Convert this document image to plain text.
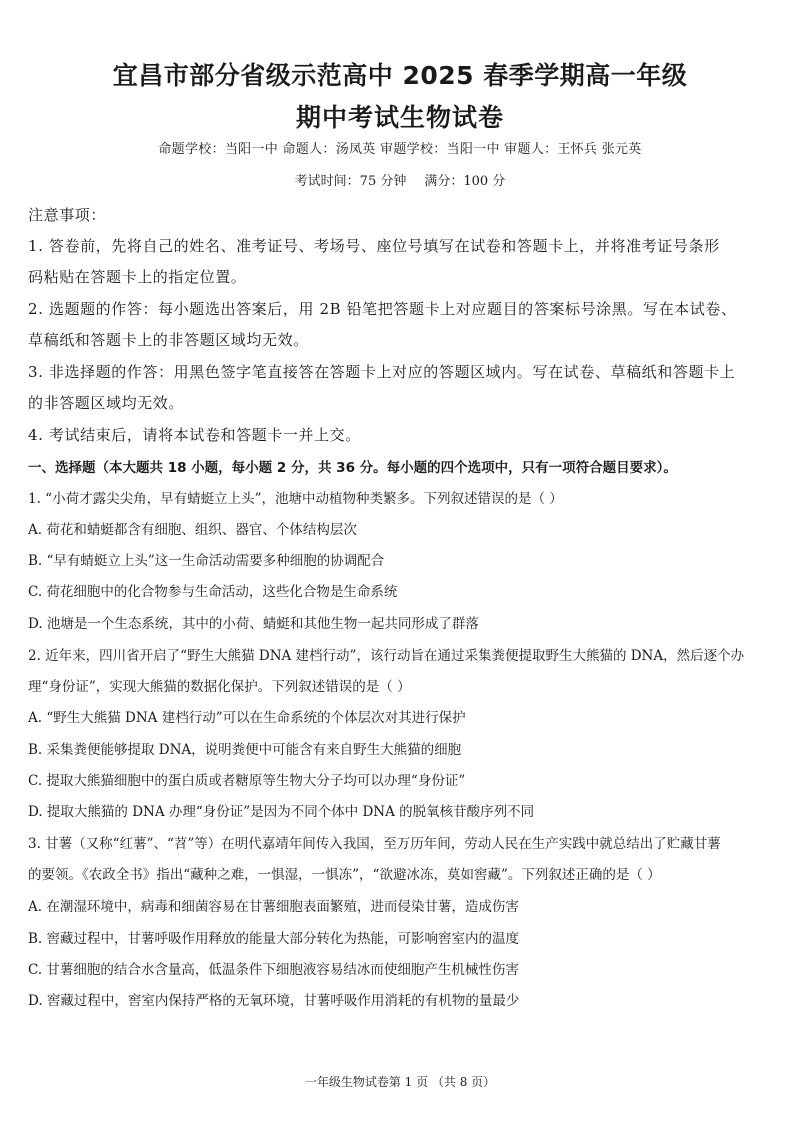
宜昌市部分省级示范高中 2025 春季学期高一年级
期中考试生物试卷
命题学校：当阳一中 命题人：汤凤英 审题学校：当阳一中 审题人：王怀兵 张元英
考试时间：75 分钟 满分：100 分
注意事项：
1. 答卷前，先将自己的姓名、准考证号、考场号、座位号填写在试卷和答题卡上，并将准考证号条形
码粘贴在答题卡上的指定位置。
2. 选题题的作答：每小题选出答案后，用 2B 铅笔把答题卡上对应题目的答案标号涂黑。写在本试卷、
草稿纸和答题卡上的非答题区域均无效。
3. 非选择题的作答：用黑色签字笔直接答在答题卡上对应的答题区域内。写在试卷、草稿纸和答题卡上
的非答题区域均无效。
4. 考试结束后，请将本试卷和答题卡一并上交。
一、选择题（本大题共 18 小题，每小题 2 分，共 36 分。每小题的四个选项中，只有一项符合题目要求）。
1. “小荷才露尖尖角，早有蜻蜓立上头”，池塘中动植物种类繁多。下列叙述错误的是（ ）
A. 荷花和蜻蜓都含有细胞、组织、器官、个体结构层次
B. “早有蜻蜓立上头”这一生命活动需要多种细胞的协调配合
C. 荷花细胞中的化合物参与生命活动，这些化合物是生命系统
D. 池塘是一个生态系统，其中的小荷、蜻蜓和其他生物一起共同形成了群落
2. 近年来，四川省开启了“野生大熊猫 DNA 建档行动”，该行动旨在通过采集粪便提取野生大熊猫的 DNA，然后逐个办
理“身份证”，实现大熊猫的数据化保护。下列叙述错误的是（ ）
A. “野生大熊猫 DNA 建档行动”可以在生命系统的个体层次对其进行保护
B. 采集粪便能够提取 DNA，说明粪便中可能含有来自野生大熊猫的细胞
C. 提取大熊猫细胞中的蛋白质或者糖原等生物大分子均可以办理“身份证”
D. 提取大熊猫的 DNA 办理“身份证”是因为不同个体中 DNA 的脱氧核苷酸序列不同
3. 甘薯（又称“红薯”、“苕”等）在明代嘉靖年间传入我国，至万历年间，劳动人民在生产实践中就总结出了贮藏甘薯
的要领。《农政全书》指出“藏种之难，一惧湿，一惧冻”，“欲避冰冻，莫如窖藏”。下列叙述正确的是（ ）
A. 在潮湿环境中，病毒和细菌容易在甘薯细胞表面繁殖，进而侵染甘薯，造成伤害
B. 窖藏过程中，甘薯呼吸作用释放的能量大部分转化为热能，可影响窖室内的温度
C. 甘薯细胞的结合水含量高，低温条件下细胞液容易结冰而使细胞产生机械性伤害
D. 窖藏过程中，窖室内保持严格的无氧环境，甘薯呼吸作用消耗的有机物的量最少
一年级生物试卷第 1 页 （共 8 页）
